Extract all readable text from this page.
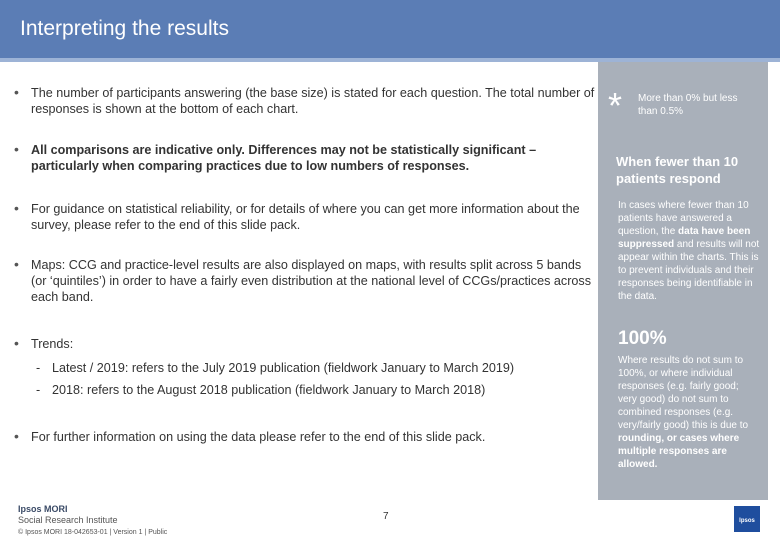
Interpreting the results
• The number of participants answering (the base size) is stated for each question. The total number of responses is shown at the bottom of each chart.
• All comparisons are indicative only. Differences may not be statistically significant – particularly when comparing practices due to low numbers of responses.
• For guidance on statistical reliability, or for details of where you can get more information about the survey, please refer to the end of this slide pack.
• Maps: CCG and practice-level results are also displayed on maps, with results split across 5 bands (or ‘quintiles’) in order to have a fairly even distribution at the national level of CCGs/practices across each band.
• Trends:
- Latest / 2019: refers to the July 2019 publication (fieldwork January to March 2019)
- 2018: refers to the August 2018 publication (fieldwork January to March 2018)
• For further information on using the data please refer to the end of this slide pack.
* More than 0% but less than 0.5%
When fewer than 10 patients respond
In cases where fewer than 10 patients have answered a question, the data have been suppressed and results will not appear within the charts. This is to prevent individuals and their responses being identifiable in the data.
100%
Where results do not sum to 100%, or where individual responses (e.g. fairly good; very good) do not sum to combined responses (e.g. very/fairly good) this is due to rounding, or cases where multiple responses are allowed.
Ipsos MORI
Social Research Institute
© Ipsos MORI 18-042653-01 | Version 1 | Public
7	Ipsos
